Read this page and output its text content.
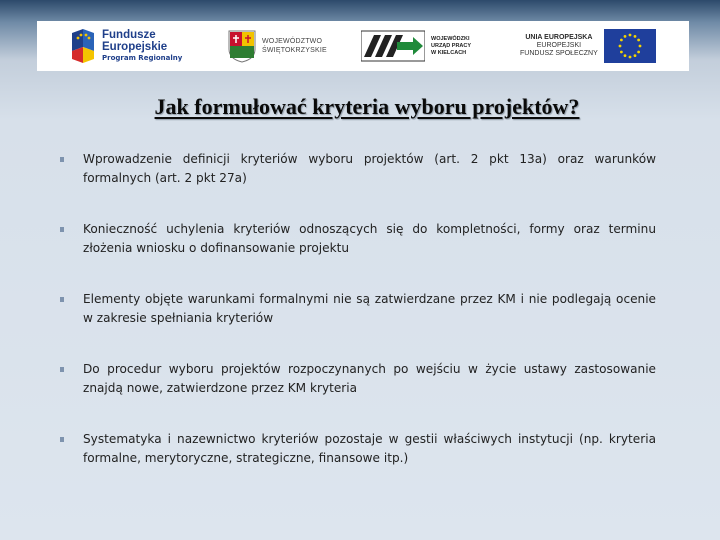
Fundusze
Europejskie
Program Regionalny
WOJEWÓDZTWO
ŚWIĘTOKRZYSKIE
WOJEWÓDZKI
URZĄD PRACY
W KIELCACH
UNIA EUROPEJSKA
EUROPEJSKI
FUNDUSZ SPOŁECZNY
Jak formułować kryteria wyboru projektów?
Wprowadzenie definicji kryteriów wyboru projektów (art. 2 pkt 13a) oraz warunków formalnych (art. 2 pkt 27a)
Konieczność uchylenia kryteriów odnoszących się do kompletności, formy oraz terminu złożenia wniosku o dofinansowanie projektu
Elementy objęte warunkami formalnymi nie są zatwierdzane przez KM i nie podlegają ocenie w zakresie spełniania kryteriów
Do procedur wyboru projektów rozpoczynanych po wejściu w życie ustawy zastosowanie znajdą nowe, zatwierdzone przez KM kryteria
Systematyka i nazewnictwo kryteriów pozostaje w gestii właściwych instytucji (np. kryteria formalne, merytoryczne, strategiczne, finansowe itp.)
